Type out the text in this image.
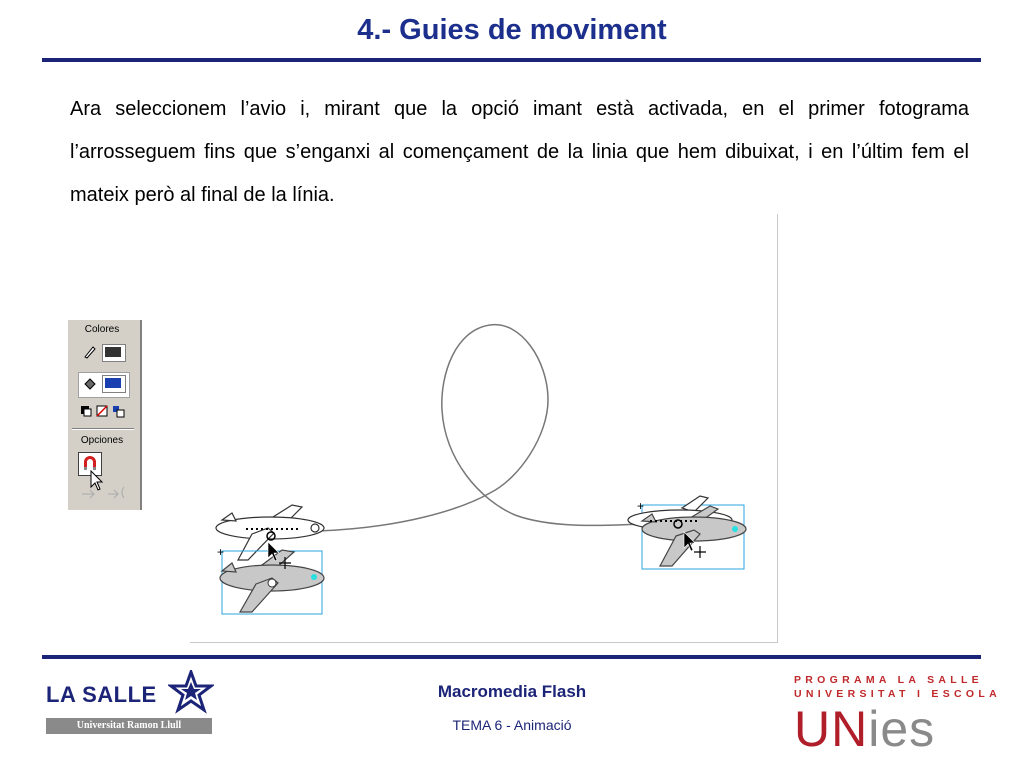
4.- Guies de moviment
Ara seleccionem l’avio i, mirant que la opció imant està activada, en el primer fotograma l’arrosseguem fins que s’enganxi al començament de la linia que hem dibuixat, i en l’últim fem el mateix però al final de la línia.
Colores
Opciones
+
+
LA SALLE
Universitat Ramon Llull
Macromedia Flash
TEMA 6 - Animació
PROGRAMA LA SALLE
UNIVERSITAT I ESCOLA
UNies
